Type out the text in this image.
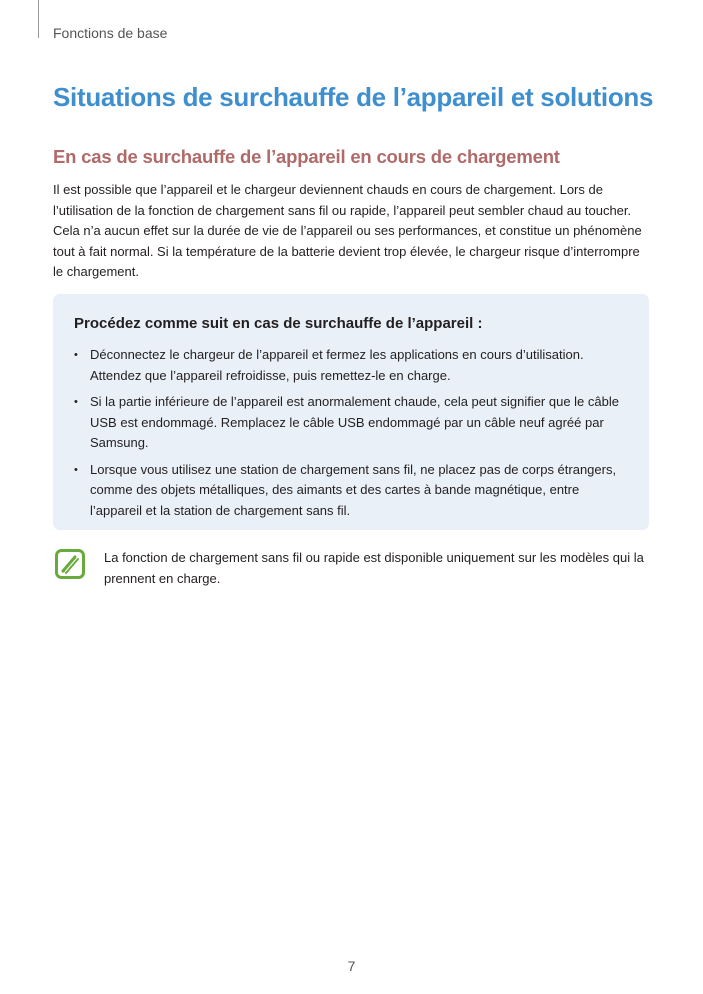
Fonctions de base
Situations de surchauffe de l’appareil et solutions
En cas de surchauffe de l’appareil en cours de chargement

Il est possible que l’appareil et le chargeur deviennent chauds en cours de chargement. Lors de l’utilisation de la fonction de chargement sans fil ou rapide, l’appareil peut sembler chaud au toucher. Cela n’a aucun effet sur la durée de vie de l’appareil ou ses performances, et constitue un phénomène tout à fait normal. Si la température de la batterie devient trop élevée, le chargeur risque d’interrompre le chargement.

Procédez comme suit en cas de surchauffe de l’appareil :
• Déconnectez le chargeur de l’appareil et fermez les applications en cours d’utilisation. Attendez que l’appareil refroidisse, puis remettez-le en charge.
• Si la partie inférieure de l’appareil est anormalement chaude, cela peut signifier que le câble USB est endommagé. Remplacez le câble USB endommagé par un câble neuf agréé par Samsung.
• Lorsque vous utilisez une station de chargement sans fil, ne placez pas de corps étrangers, comme des objets métalliques, des aimants et des cartes à bande magnétique, entre l’appareil et la station de chargement sans fil.

La fonction de chargement sans fil ou rapide est disponible uniquement sur les modèles qui la prennent en charge.

7
